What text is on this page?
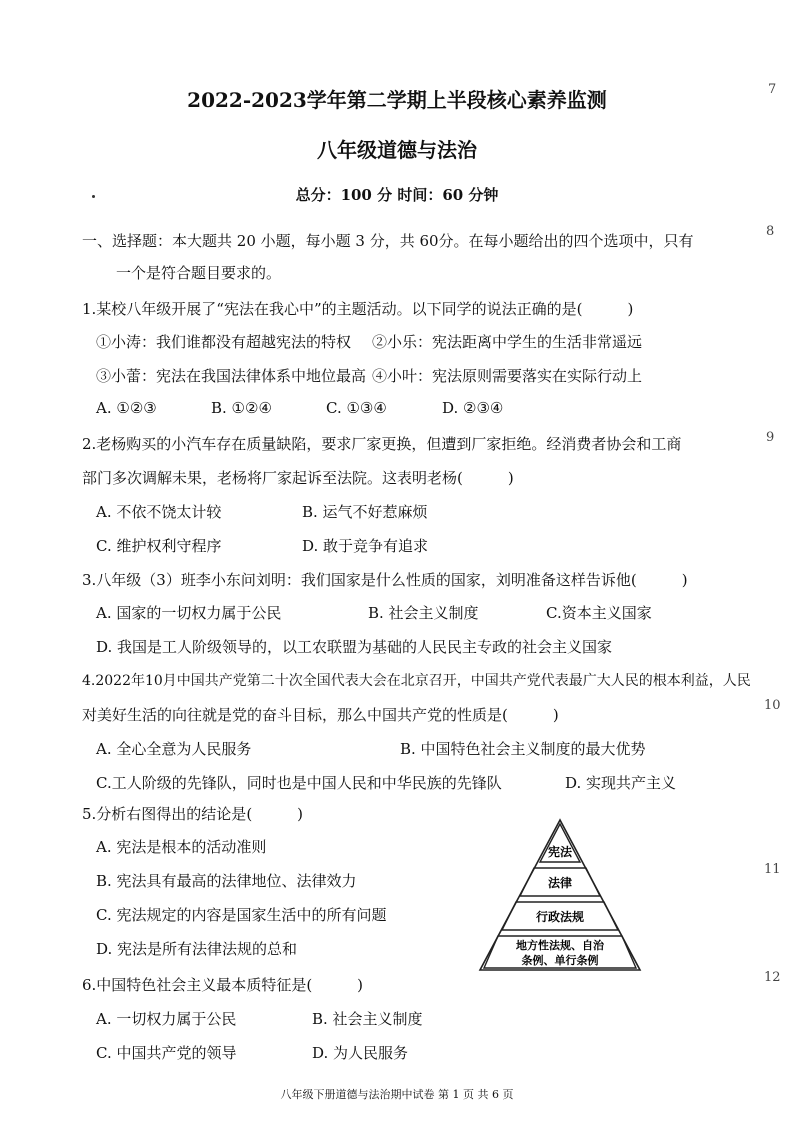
2022-2023学年第二学期上半段核心素养监测
八年级道德与法治
总分：100 分 时间：60 分钟
一、选择题：本大题共 20 小题，每小题 3 分，共 60分。在每小题给出的四个选项中，只有
一个是符合题目要求的。
1.某校八年级开展了“宪法在我心中”的主题活动。以下同学的说法正确的是(　　　)
①小涛：我们谁都没有超越宪法的特权 ②小乐：宪法距离中学生的生活非常遥远
③小蕾：宪法在我国法律体系中地位最高 ④小叶：宪法原则需要落实在实际行动上
A. ①②③	B. ①②④	C. ①③④	D. ②③④
2.老杨购买的小汽车存在质量缺陷，要求厂家更换，但遭到厂家拒绝。经消费者协会和工商
部门多次调解未果，老杨将厂家起诉至法院。这表明老杨(　　　)
A. 不依不饶太计较	B. 运气不好惹麻烦
C. 维护权利守程序	D. 敢于竞争有追求
3.八年级（3）班李小东问刘明：我们国家是什么性质的国家，刘明准备这样告诉他(　　　)
A. 国家的一切权力属于公民	B. 社会主义制度	C.资本主义国家
D. 我国是工人阶级领导的，以工农联盟为基础的人民民主专政的社会主义国家
4.2022年10月中国共产党第二十次全国代表大会在北京召开，中国共产党代表最广大人民的根本利益，人民
对美好生活的向往就是党的奋斗目标，那么中国共产党的性质是(　　　)
A. 全心全意为人民服务	B. 中国特色社会主义制度的最大优势
C.工人阶级的先锋队，同时也是中国人民和中华民族的先锋队	D. 实现共产主义
5.分析右图得出的结论是(　　　)
A. 宪法是根本的活动准则
B. 宪法具有最高的法律地位、法律效力
C. 宪法规定的内容是国家生活中的所有问题
D. 宪法是所有法律法规的总和
宪法
法律
行政法规
地方性法规、自治
条例、单行条例
6.中国特色社会主义最本质特征是(　　　)
A. 一切权力属于公民	B. 社会主义制度
C. 中国共产党的领导	D. 为人民服务
八年级下册道德与法治期中试卷 第 1 页 共 6 页
7
8
9
10
11
12
